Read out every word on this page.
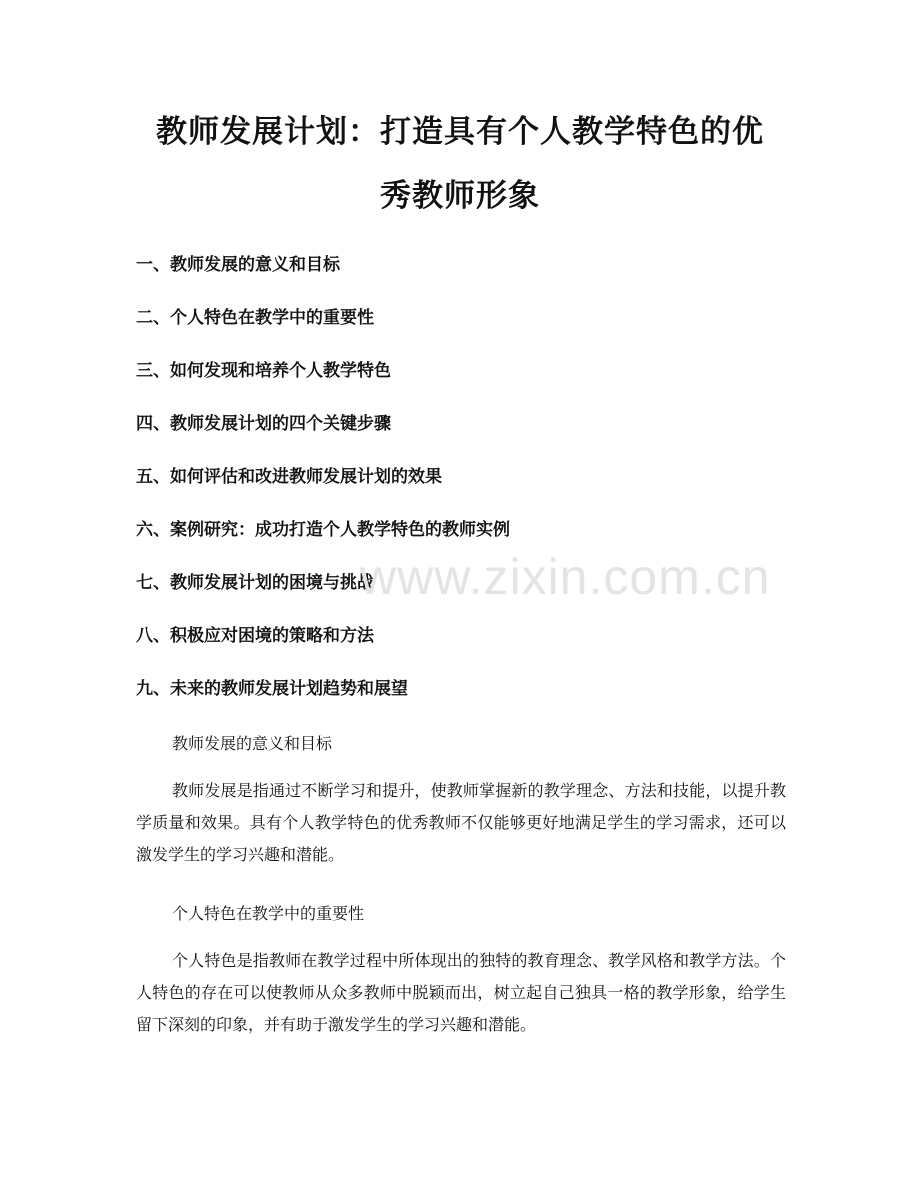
教师发展计划：打造具有个人教学特色的优
秀教师形象
一、教师发展的意义和目标
二、个人特色在教学中的重要性
三、如何发现和培养个人教学特色
四、教师发展计划的四个关键步骤
五、如何评估和改进教师发展计划的效果
六、案例研究：成功打造个人教学特色的教师实例
七、教师发展计划的困境与挑战
八、积极应对困境的策略和方法
九、未来的教师发展计划趋势和展望
教师发展的意义和目标
教师发展是指通过不断学习和提升，使教师掌握新的教学理念、方法和技能，以提升教学质量和效果。具有个人教学特色的优秀教师不仅能够更好地满足学生的学习需求，还可以激发学生的学习兴趣和潜能。
个人特色在教学中的重要性
个人特色是指教师在教学过程中所体现出的独特的教育理念、教学风格和教学方法。个人特色的存在可以使教师从众多教师中脱颖而出，树立起自己独具一格的教学形象，给学生留下深刻的印象，并有助于激发学生的学习兴趣和潜能。
www.zixin.com.cn
